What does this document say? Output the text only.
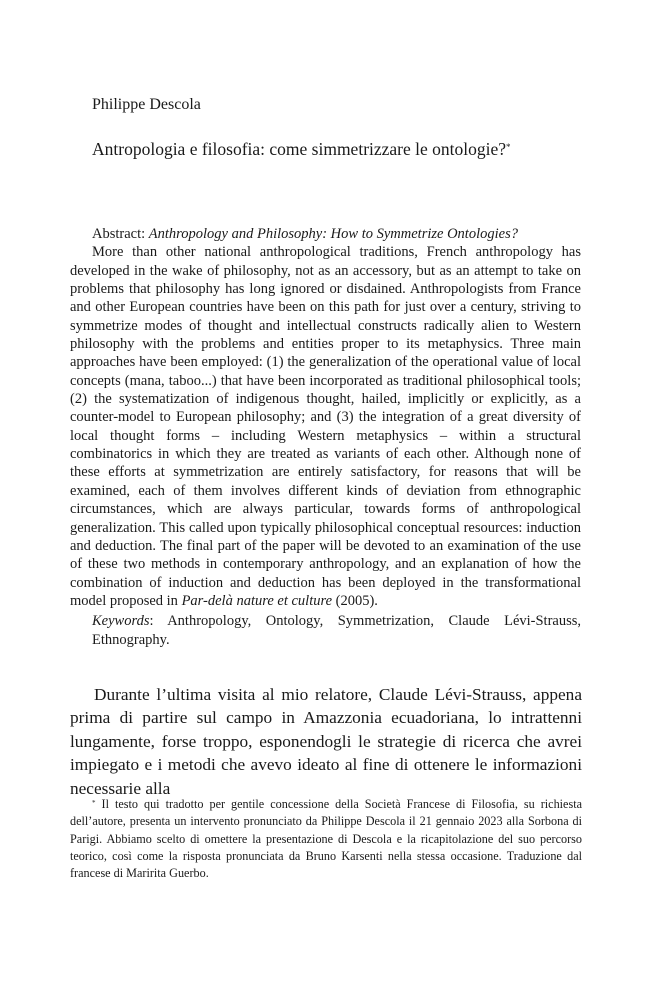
Philippe Descola
Antropologia e filosofia: come simmetrizzare le ontologie?*
Abstract: Anthropology and Philosophy: How to Symmetrize Ontologies?

More than other national anthropological traditions, French anthropology has developed in the wake of philosophy, not as an accessory, but as an attempt to take on problems that philosophy has long ignored or disdained. Anthropologists from France and other European countries have been on this path for just over a century, striving to symmetrize modes of thought and intellectual constructs radically alien to Western philosophy with the problems and entities proper to its metaphysics. Three main approaches have been employed: (1) the generalization of the operational value of local concepts (mana, taboo...) that have been incorporated as traditional philosophical tools; (2) the systematization of indigenous thought, hailed, implicitly or explicitly, as a counter-model to European philosophy; and (3) the integration of a great diversity of local thought forms – including Western metaphysics – within a structural combinatorics in which they are treated as variants of each other. Although none of these efforts at symmetrization are entirely satisfactory, for reasons that will be examined, each of them involves different kinds of deviation from ethnographic circumstances, which are always particular, towards forms of anthropological generalization. This called upon typically philosophical conceptual resources: induction and deduction. The final part of the paper will be devoted to an examination of the use of these two methods in contemporary anthropology, and an explanation of how the combination of induction and deduction has been deployed in the transformational model proposed in Par-delà nature et culture (2005).

Keywords: Anthropology, Ontology, Symmetrization, Claude Lévi-Strauss, Ethnography.

Durante l’ultima visita al mio relatore, Claude Lévi-Strauss, appena prima di partire sul campo in Amazzonia ecuadoriana, lo intrattenni lungamente, forse troppo, esponendogli le strategie di ricerca che avrei impiegato e i metodi che avevo ideato al fine di ottenere le informazioni necessarie alla

* Il testo qui tradotto per gentile concessione della Società Francese di Filosofia, su richiesta dell’autore, presenta un intervento pronunciato da Philippe Descola il 21 gennaio 2023 alla Sorbona di Parigi. Abbiamo scelto di omettere la presentazione di Descola e la ricapitolazione del suo percorso teorico, così come la risposta pronunciata da Bruno Karsenti nella stessa occasione. Traduzione dal francese di Maririta Guerbo.
